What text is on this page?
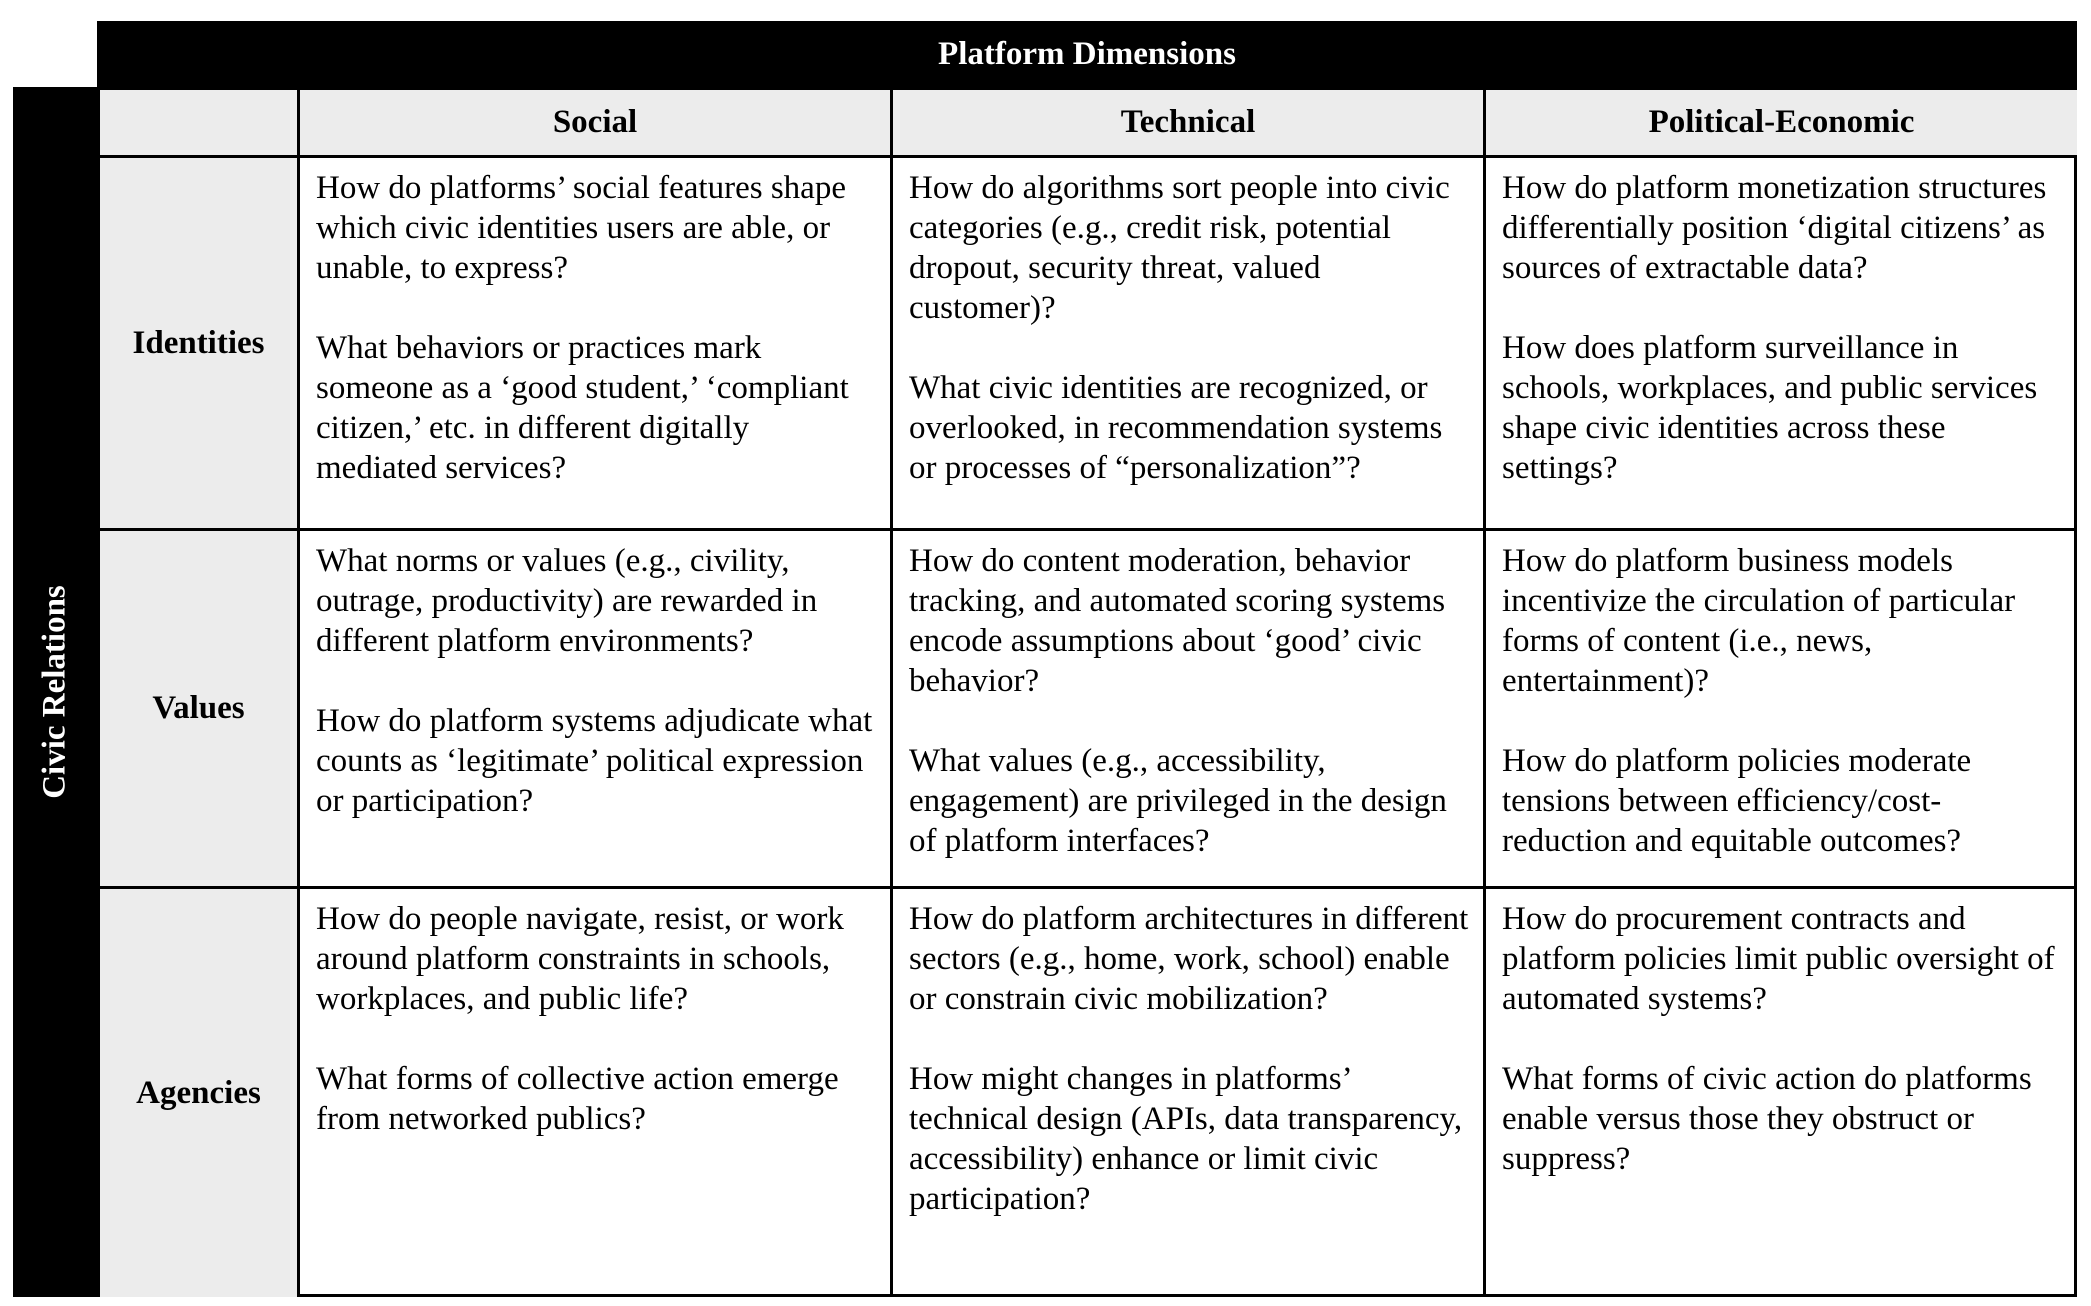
Platform Dimensions
Civic Relations
Social	Technical	Political-Economic
Identities

How do platforms’ social features shape which civic identities users are able, or unable, to express?

What behaviors or practices mark someone as a ‘good student,’ ‘compliant citizen,’ etc. in different digitally mediated services?

How do algorithms sort people into civic categories (e.g., credit risk, potential dropout, security threat, valued customer)?

What civic identities are recognized, or overlooked, in recommendation systems or processes of “personalization”?

How do platform monetization structures differentially position ‘digital citizens’ as sources of extractable data?

How does platform surveillance in schools, workplaces, and public services shape civic identities across these settings?

Values

What norms or values (e.g., civility, outrage, productivity) are rewarded in different platform environments?

How do platform systems adjudicate what counts as ‘legitimate’ political expression or participation?

How do content moderation, behavior tracking, and automated scoring systems encode assumptions about ‘good’ civic behavior?

What values (e.g., accessibility, engagement) are privileged in the design of platform interfaces?

How do platform business models incentivize the circulation of particular forms of content (i.e., news, entertainment)?

How do platform policies moderate tensions between efficiency/cost-reduction and equitable outcomes?

Agencies

How do people navigate, resist, or work around platform constraints in schools, workplaces, and public life?

What forms of collective action emerge from networked publics?

How do platform architectures in different sectors (e.g., home, work, school) enable or constrain civic mobilization?

How might changes in platforms’ technical design (APIs, data transparency, accessibility) enhance or limit civic participation?

How do procurement contracts and platform policies limit public oversight of automated systems?

What forms of civic action do platforms enable versus those they obstruct or suppress?
